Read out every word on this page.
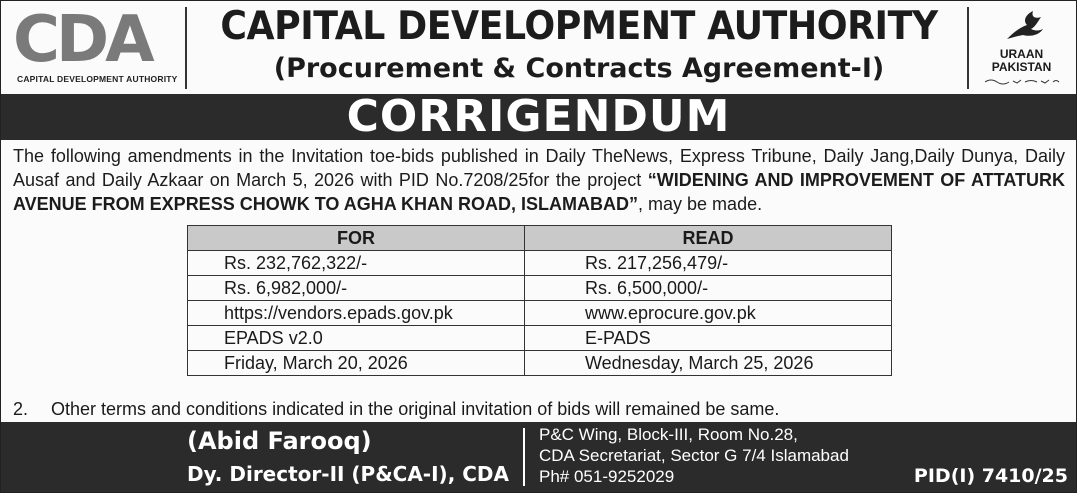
CDA
CAPITAL DEVELOPMENT AUTHORITY
CAPITAL DEVELOPMENT AUTHORITY
(Procurement & Contracts Agreement-I)	URAAN
PAKISTAN
CORRIGENDUM
The following amendments in the Invitation toe-bids published in Daily TheNews, Express Tribune, Daily Jang,Daily Dunya, Daily Ausaf and Daily Azkaar on March 5, 2026 with PID No.7208/25for the project “WIDENING AND IMPROVEMENT OF ATTATURK AVENUE FROM EXPRESS CHOWK TO AGHA KHAN ROAD, ISLAMABAD”, may be made.
FOR	READ
Rs. 232,762,322/-	Rs. 217,256,479/-
Rs. 6,982,000/-	Rs. 6,500,000/-
https://vendors.epads.gov.pk	www.eprocure.gov.pk
EPADS v2.0	E-PADS
Friday, March 20, 2026	Wednesday, March 25, 2026
2. Other terms and conditions indicated in the original invitation of bids will remained be same.
(Abid Farooq)
Dy. Director-II (P&CA-I), CDA
P&C Wing, Block-III, Room No.28,
CDA Secretariat, Sector G 7/4 Islamabad
Ph# 051-9252029	PID(I) 7410/25
